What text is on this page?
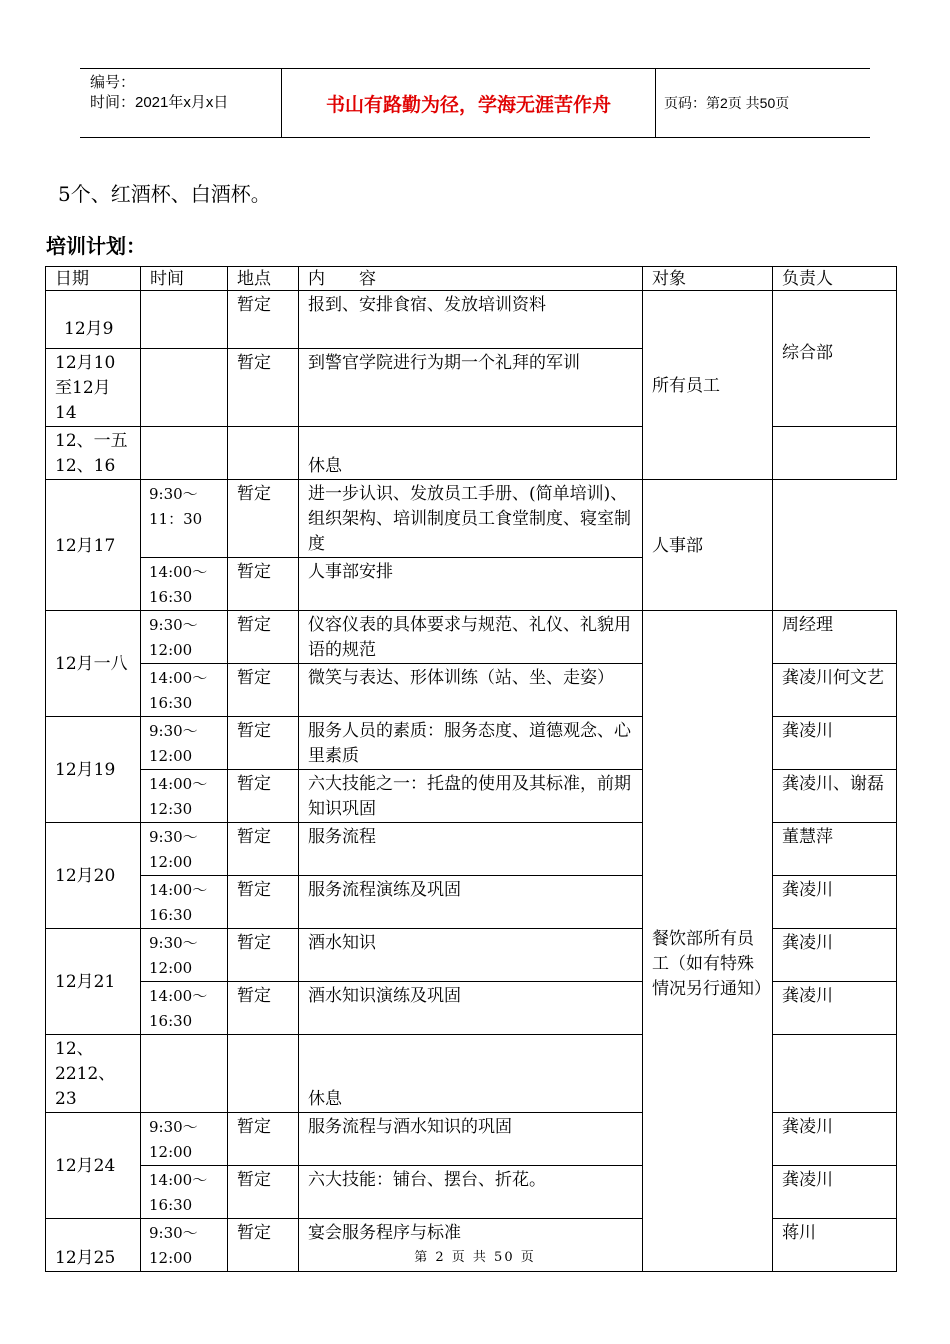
编号：
时间：2021年x月x日	书山有路勤为径，学海无涯苦作舟	页码：第2页 共50页
5个、红酒杯、白酒杯。
培训计划：
日期	时间	地点	内　　容	对象	负责人
12月9		暂定	报到、安排食宿、发放培训资料	所有员工	综合部
12月10至12月14		暂定	到警官学院进行为期一个礼拜的军训		
12、一五12、16			休息		
12月17	9:30～11：30	暂定	进一步认识、发放员工手册、(简单培训)、组织架构、培训制度员工食堂制度、寝室制度	人事部	
	14:00～16:30	暂定	人事部安排		
12月一八	9:30～12:00	暂定	仪容仪表的具体要求与规范、礼仪、礼貌用语的规范	餐饮部所有员工（如有特殊情况另行通知）	周经理
	14:00～16:30	暂定	微笑与表达、形体训练（站、坐、走姿）		龚凌川何文艺
12月19	9:30～12:00	暂定	服务人员的素质：服务态度、道德观念、心里素质		龚凌川
	14:00～12:30	暂定	六大技能之一：托盘的使用及其标准，前期 知识巩固		龚凌川、谢磊
12月20	9:30～12:00	暂定	服务流程		董慧萍
	14:00～16:30	暂定	服务流程演练及巩固		龚凌川
12月21	9:30～12:00	暂定	酒水知识		龚凌川
	14:00～16:30	暂定	酒水知识演练及巩固		龚凌川
12、2212、23			休息		
12月24	9:30～12:00	暂定	服务流程与酒水知识的巩固		龚凌川
	14:00～16:30	暂定	六大技能：铺台、摆台、折花。		龚凌川
12月25	9:30～12:00	暂定	宴会服务程序与标准		蒋川
第 2 页 共 50 页
